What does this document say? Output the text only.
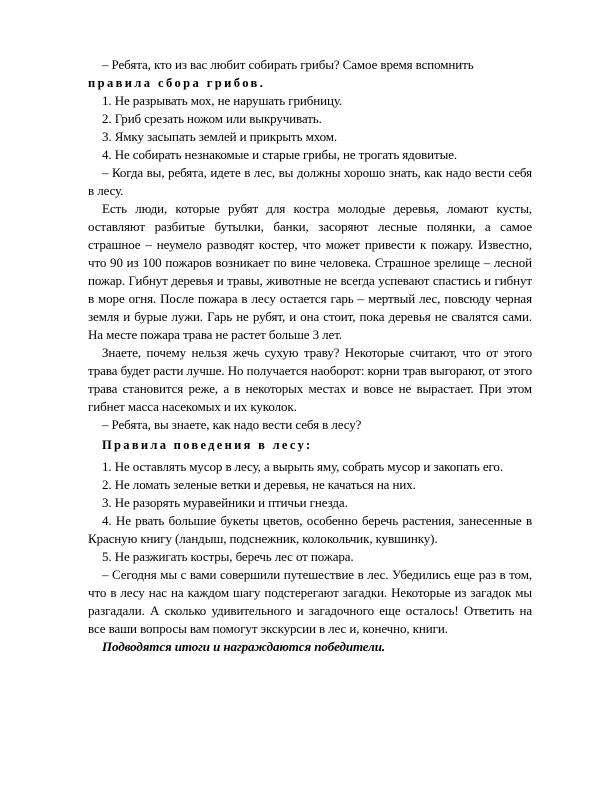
– Ребята, кто из вас любит собирать грибы? Самое время вспомнить

правила сбора грибов.

1. Не разрывать мох, не нарушать грибницу.

2. Гриб срезать ножом или выкручивать.

3. Ямку засыпать землей и прикрыть мхом.

4. Не собирать незнакомые и старые грибы, не трогать ядовитые.

– Когда вы, ребята, идете в лес, вы должны хорошо знать, как надо вести себя в лесу.

Есть люди, которые рубят для костра молодые деревья, ломают кусты, оставляют разбитые бутылки, банки, засоряют лесные полянки, а самое страшное – неумело разводят костер, что может привести к пожару. Известно, что 90 из 100 пожаров возникает по вине человека. Страшное зрелище – лесной пожар. Гибнут деревья и травы, животные не всегда успевают спастись и гибнут в море огня. После пожара в лесу остается гарь – мертвый лес, повсюду черная земля и бурые лужи. Гарь не рубят, и она стоит, пока деревья не свалятся сами. На месте пожара трава не растет больше 3 лет.

Знаете, почему нельзя жечь сухую траву? Некоторые считают, что от этого трава будет расти лучше. Но получается наоборот: корни трав выгорают, от этого трава становится реже, а в некоторых местах и вовсе не вырастает. При этом гибнет масса насекомых и их куколок.

– Ребята, вы знаете, как надо вести себя в лесу?

Правила поведения в лесу:

1. Не оставлять мусор в лесу, а вырыть яму, собрать мусор и закопать его.

2. Не ломать зеленые ветки и деревья, не качаться на них.

3. Не разорять муравейники и птичьи гнезда.

4. Не рвать большие букеты цветов, особенно беречь растения, занесенные в Красную книгу (ландыш, подснежник, колокольчик, кувшинку).

5. Не разжигать костры, беречь лес от пожара.

– Сегодня мы с вами совершили путешествие в лес. Убедились еще раз в том, что в лесу нас на каждом шагу подстерегают загадки. Некоторые из загадок мы разгадали. А сколько удивительного и загадочного еще осталось! Ответить на все ваши вопросы вам помогут экскурсии в лес и, конечно, книги.

Подводятся итоги и награждаются победители.
